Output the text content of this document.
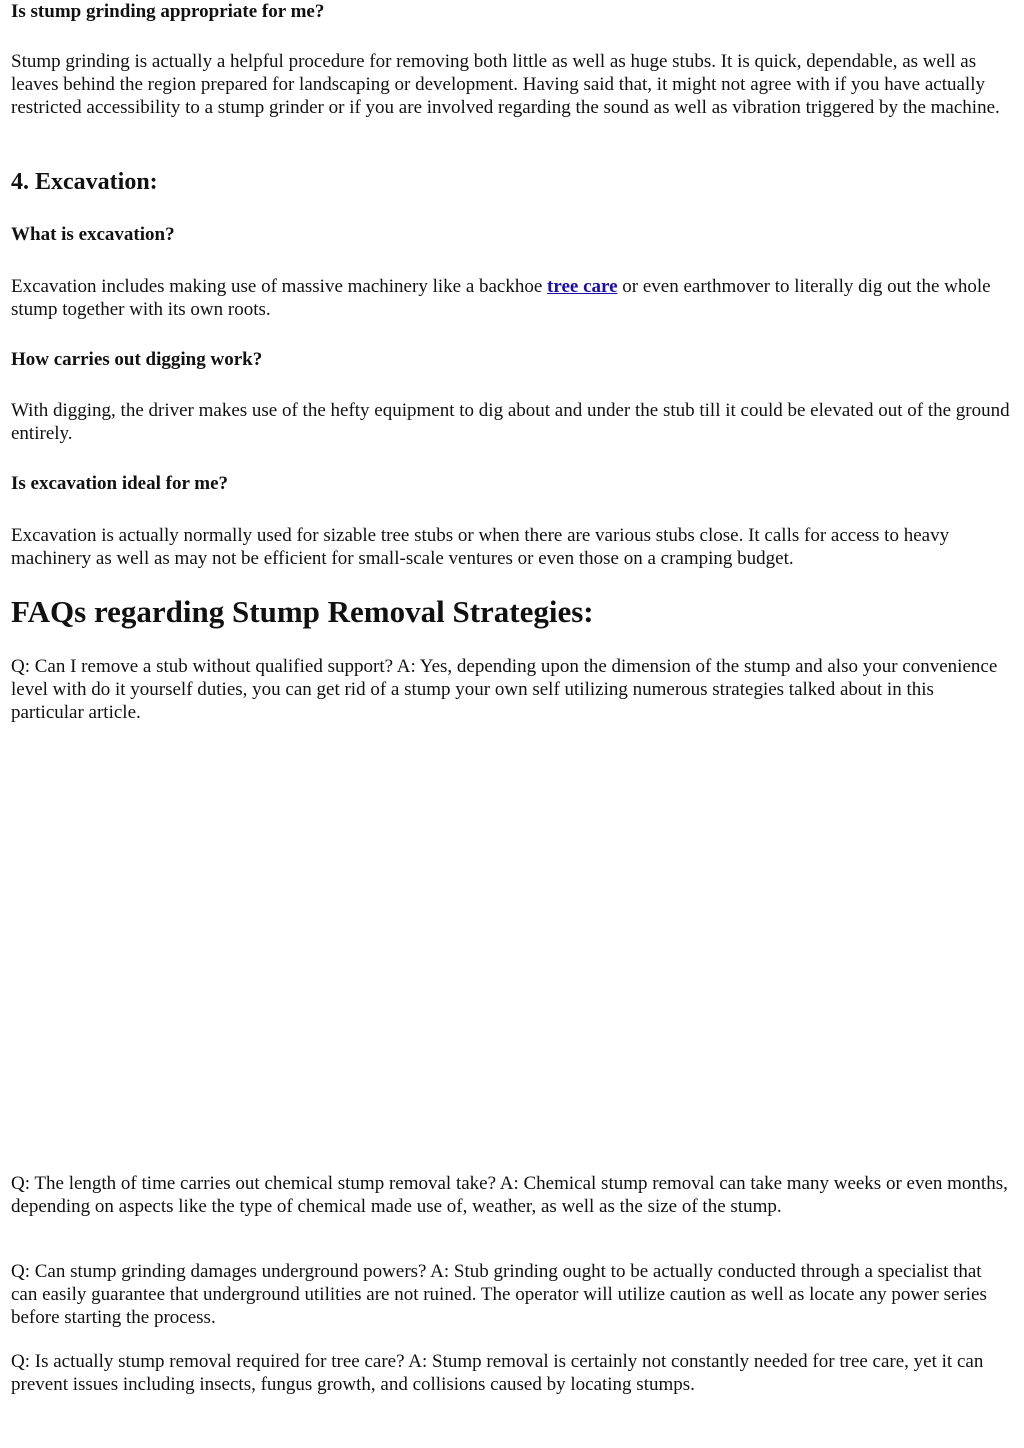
Is stump grinding appropriate for me?

Stump grinding is actually a helpful procedure for removing both little as well as huge stubs. It is quick, dependable, as well as leaves behind the region prepared for landscaping or development. Having said that, it might not agree with if you have actually restricted accessibility to a stump grinder or if you are involved regarding the sound as well as vibration triggered by the machine.

4. Excavation:
What is excavation?

Excavation includes making use of massive machinery like a backhoe tree care or even earthmover to literally dig out the whole stump together with its own roots.

How carries out digging work?

With digging, the driver makes use of the hefty equipment to dig about and under the stub till it could be elevated out of the ground entirely.

Is excavation ideal for me?

Excavation is actually normally used for sizable tree stubs or when there are various stubs close. It calls for access to heavy machinery as well as may not be efficient for small-scale ventures or even those on a cramping budget.

FAQs regarding Stump Removal Strategies:

Q: Can I remove a stub without qualified support? A: Yes, depending upon the dimension of the stump and also your convenience level with do it yourself duties, you can get rid of a stump your own self utilizing numerous strategies talked about in this particular article.

Q: The length of time carries out chemical stump removal take? A: Chemical stump removal can take many weeks or even months, depending on aspects like the type of chemical made use of, weather, as well as the size of the stump.

Q: Can stump grinding damages underground powers? A: Stub grinding ought to be actually conducted through a specialist that can easily guarantee that underground utilities are not ruined. The operator will utilize caution as well as locate any power series before starting the process.

Q: Is actually stump removal required for tree care? A: Stump removal is certainly not constantly needed for tree care, yet it can prevent issues including insects, fungus growth, and collisions caused by locating stumps.
